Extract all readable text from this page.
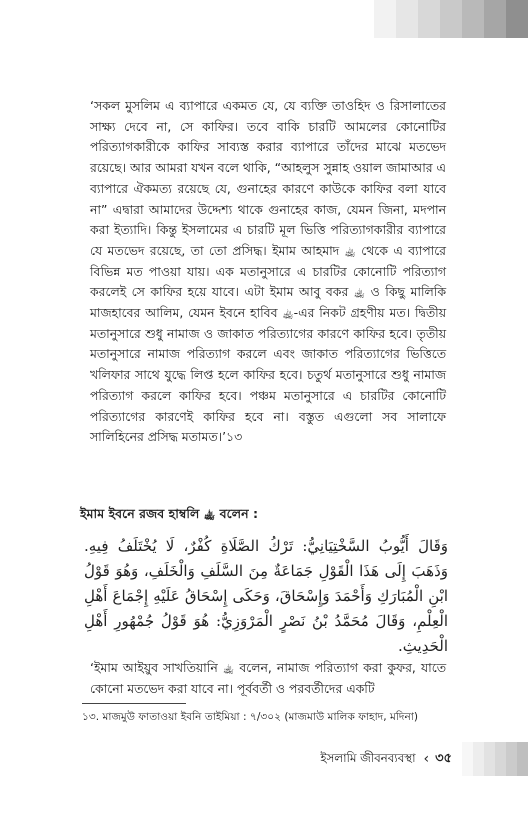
‘সকল মুসলিম এ ব্যাপারে একমত যে, যে ব্যক্তি তাওহিদ ও রিসালাতের সাক্ষ্য দেবে না, সে কাফির। তবে বাকি চারটি আমলের কোনোটির পরিত্যাগকারীকে কাফির সাব্যস্ত করার ব্যাপারে তাঁদের মাঝে মতভেদ রয়েছে। আর আমরা যখন বলে থাকি, “আহলুস সুন্নাহ ওয়াল জামাআর এ ব্যাপারে ঐকমত্য রয়েছে যে, গুনাহের কারণে কাউকে কাফির বলা যাবে না” এদ্বারা আমাদের উদ্দেশ্য থাকে গুনাহের কাজ, যেমন জিনা, মদপান করা ইত্যাদি। কিন্তু ইসলামের এ চারটি মূল ভিত্তি পরিত্যাগকারীর ব্যাপারে যে মতভেদ রয়েছে, তা তো প্রসিদ্ধ। ইমাম আহমাদ ﵀ থেকে এ ব্যাপারে বিভিন্ন মত পাওয়া যায়। এক মতানুসারে এ চারটির কোনোটি পরিত্যাগ করলেই সে কাফির হয়ে যাবে। এটা ইমাম আবু বকর ﵀ ও কিছু মালিকি মাজহাবের আলিম, যেমন ইবনে হাবিব ﵀-এর নিকট গ্রহণীয় মত। দ্বিতীয় মতানুসারে শুধু নামাজ ও জাকাত পরিত্যাগের কারণে কাফির হবে। তৃতীয় মতানুসারে নামাজ পরিত্যাগ করলে এবং জাকাত পরিত্যাগের ভিত্তিতে খলিফার সাথে যুদ্ধে লিপ্ত হলে কাফির হবে। চতুর্থ মতানুসারে শুধু নামাজ পরিত্যাগ করলে কাফির হবে। পঞ্চম মতানুসারে এ চারটির কোনোটি পরিত্যাগের কারণেই কাফির হবে না। বস্তুত এগুলো সব সালাফে সালিহিনের প্রসিদ্ধ মতামত।’১৩

ইমাম ইবনে রজব হাম্বলি ﵀ বলেন :

وَقَالَ أَيُّوبُ السَّخْتِيَانِيُّ: تَرْكُ الصَّلَاةِ كُفْرٌ، لَا يُخْتَلَفُ فِيهِ. وَذَهَبَ إِلَى هَذَا الْقَوْلِ جَمَاعَةٌ مِنَ السَّلَفِ وَالْخَلَفِ، وَهُوَ قَوْلُ ابْنِ الْمُبَارَكِ وَأَحْمَدَ وَإِسْحَاقَ، وَحَكَى إِسْحَاقُ عَلَيْهِ إِجْمَاعَ أَهْلِ الْعِلْمِ، وَقَالَ مُحَمَّدُ بْنُ نَصْرٍ الْمَرْوَزِيُّ: هُوَ قَوْلُ جُمْهُورِ أَهْلِ الْحَدِيثِ.

‘ইমাম আইয়ুব সাখতিয়ানি ﵀ বলেন, নামাজ পরিত্যাগ করা কুফর, যাতে কোনো মতভেদ করা যাবে না। পূর্ববর্তী ও পরবর্তীদের একটি

১৩. মাজমুউ ফাতাওয়া ইবনি তাইমিয়া : ৭/৩০২ (মাজমাউ মালিক ফাহাদ, মদিনা)

ইসলামি জীবনব্যবস্থা ‹ ৩৫
